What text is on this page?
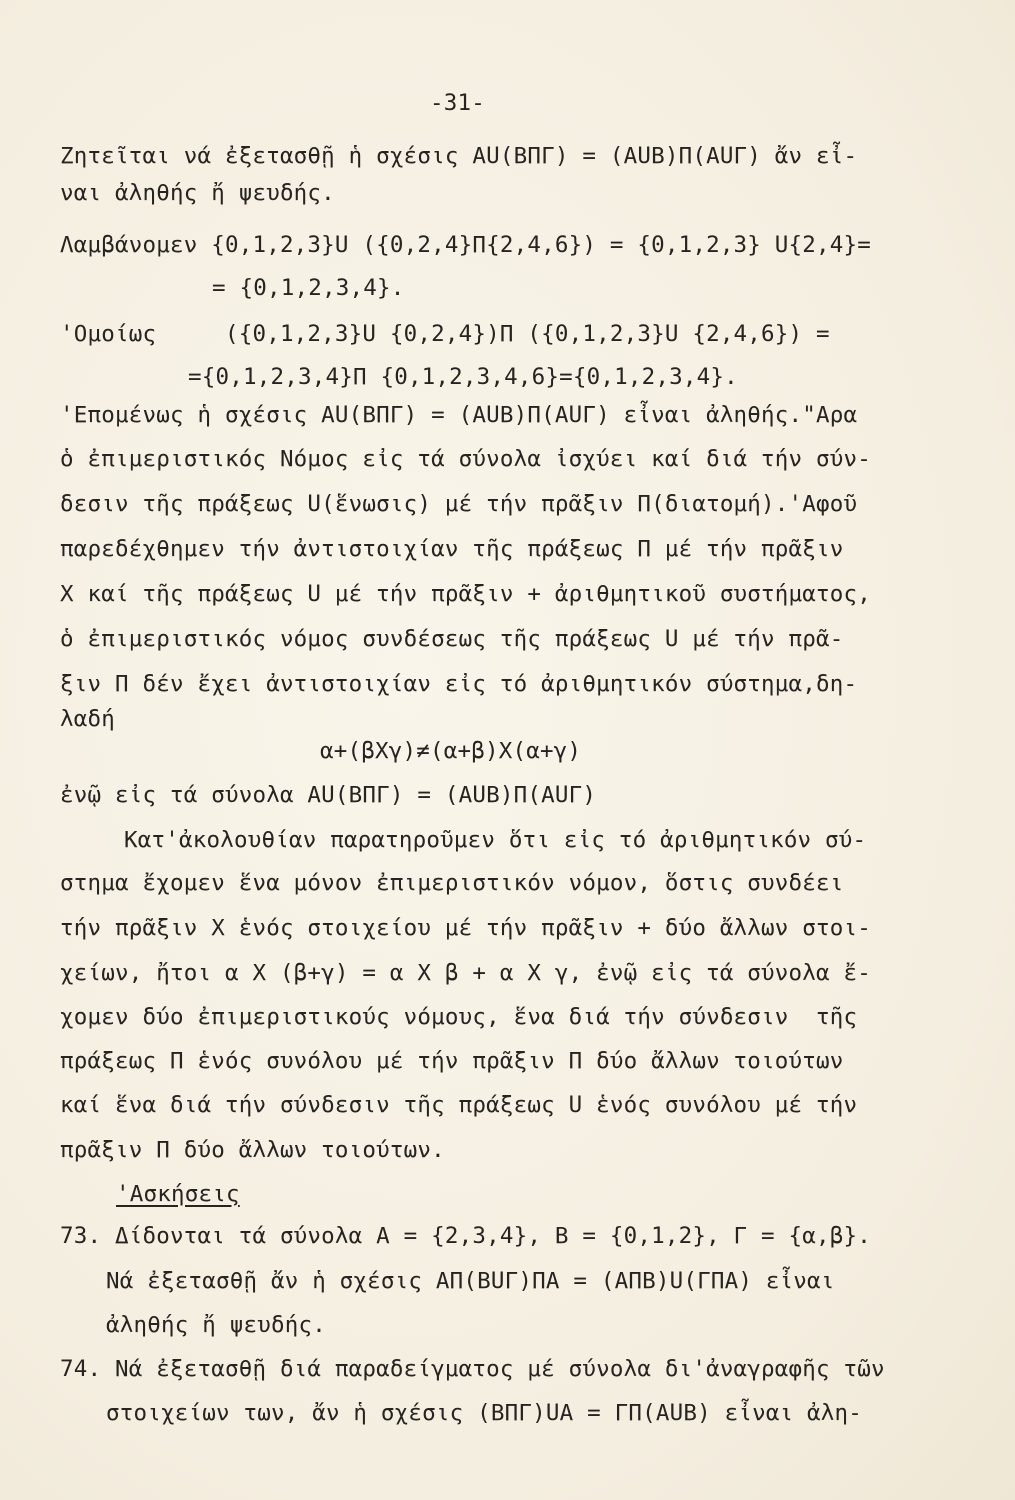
-31-
Ζητεῖται νά ἐξετασθῇ ἡ σχέσις ΑU(ΒΠΓ) = (ΑUΒ)Π(ΑUΓ) ἄν εἶ-
ναι ἀληθής ἤ ψευδής.
Λαμβάνομεν {0,1,2,3}U ({0,2,4}Π{2,4,6}) = {0,1,2,3} U{2,4}=
= {0,1,2,3,4}.
'Ομοίως     ({0,1,2,3}U {0,2,4})Π ({0,1,2,3}U {2,4,6}) =
={0,1,2,3,4}Π {0,1,2,3,4,6}={0,1,2,3,4}.
'Επομένως ἡ σχέσις ΑU(ΒΠΓ) = (ΑUΒ)Π(ΑUΓ) εἶναι ἀληθής."Αρα
ὁ ἐπιμεριστικός Νόμος εἰς τά σύνολα ἰσχύει καί διά τήν σύν-
δεσιν τῆς πράξεως U(ἕνωσις) μέ τήν πρᾶξιν Π(διατομή).'Αφοῦ
παρεδέχθημεν τήν ἀντιστοιχίαν τῆς πράξεως Π μέ τήν πρᾶξιν
Χ καί τῆς πράξεως U μέ τήν πρᾶξιν + ἀριθμητικοῦ συστήματος,
ὁ ἐπιμεριστικός νόμος συνδέσεως τῆς πράξεως U μέ τήν πρᾶ-
ξιν Π δέν ἔχει ἀντιστοιχίαν εἰς τό ἀριθμητικόν σύστημα,δη-
λαδή
α+(βΧγ)≠(α+β)Χ(α+γ)
ἐνῷ εἰς τά σύνολα ΑU(ΒΠΓ) = (ΑUΒ)Π(ΑUΓ)
Κατ'ἀκολουθίαν παρατηροῦμεν ὅτι εἰς τό ἀριθμητικόν σύ-
στημα ἔχομεν ἕνα μόνον ἐπιμεριστικόν νόμον, ὅστις συνδέει
τήν πρᾶξιν Χ ἑνός στοιχείου μέ τήν πρᾶξιν + δύο ἄλλων στοι-
χείων, ἤτοι α Χ (β+γ) = α Χ β + α Χ γ, ἐνῷ εἰς τά σύνολα ἔ-
χομεν δύο ἐπιμεριστικούς νόμους, ἕνα διά τήν σύνδεσιν  τῆς
πράξεως Π ἑνός συνόλου μέ τήν πρᾶξιν Π δύο ἄλλων τοιούτων
καί ἕνα διά τήν σύνδεσιν τῆς πράξεως U ἑνός συνόλου μέ τήν
πρᾶξιν Π δύο ἄλλων τοιούτων.
'Ασκήσεις
73. Δίδονται τά σύνολα Α = {2,3,4}, Β = {0,1,2}, Γ = {α,β}.
Νά ἐξετασθῇ ἄν ἡ σχέσις ΑΠ(ΒUΓ)ΠΑ = (ΑΠΒ)U(ΓΠΑ) εἶναι
ἀληθής ἤ ψευδής.
74. Νά ἐξετασθῇ διά παραδείγματος μέ σύνολα δι'ἀναγραφῆς τῶν
στοιχείων των, ἄν ἡ σχέσις (ΒΠΓ)UΑ = ΓΠ(ΑUΒ) εἶναι ἀλη-
